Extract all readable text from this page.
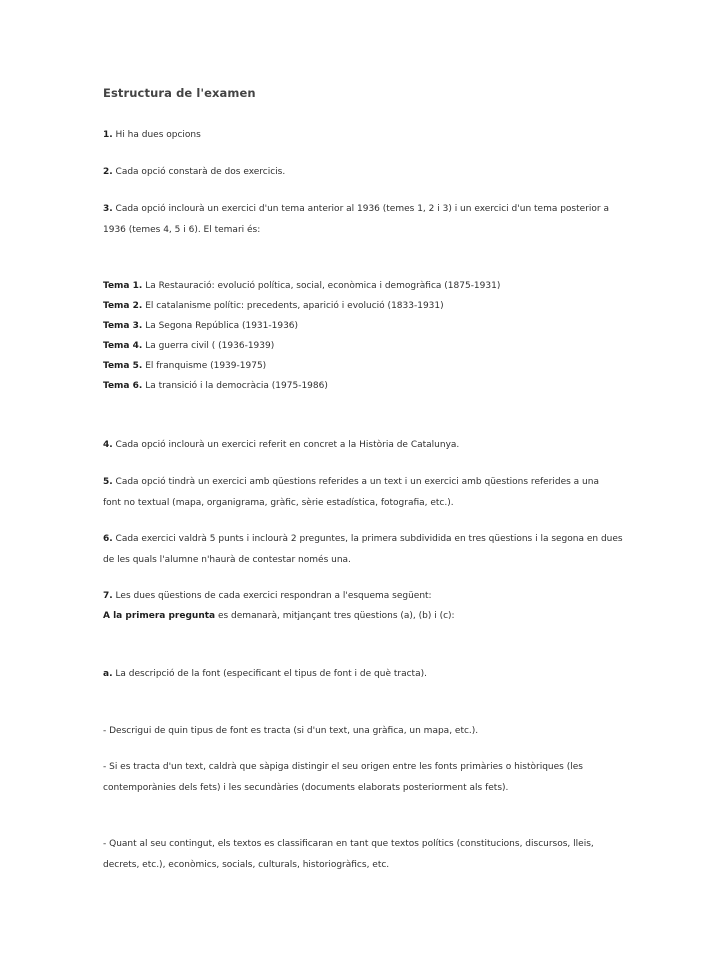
Estructura de l'examen
1. Hi ha dues opcions
2. Cada opció constarà de dos exercicis.
3. Cada opció inclourà un exercici d'un tema anterior al 1936 (temes 1, 2 i 3) i un exercici d'un tema posterior a 1936 (temes 4, 5 i 6). El temari és:
Tema 1. La Restauració: evolució política, social, econòmica i demogràfica (1875-1931)
Tema 2. El catalanisme polític: precedents, aparició i evolució (1833-1931)
Tema 3. La Segona República (1931-1936)
Tema 4. La guerra civil ( (1936-1939)
Tema 5. El franquisme (1939-1975)
Tema 6. La transició i la democràcia (1975-1986)
4. Cada opció inclourà un exercici referit en concret a la Història de Catalunya.
5. Cada opció tindrà un exercici amb qüestions referides a un text i un exercici amb qüestions referides a una font no textual (mapa, organigrama, gràfic, sèrie estadística, fotografia, etc.).
6. Cada exercici valdrà 5 punts i inclourà 2 preguntes, la primera subdividida en tres qüestions i la segona en dues de les quals l'alumne n'haurà de contestar només una.
7. Les dues qüestions de cada exercici respondran a l'esquema següent:
A la primera pregunta es demanarà, mitjançant tres qüestions (a), (b) i (c):
a. La descripció de la font (especificant el tipus de font i de què tracta).
- Descrigui de quin tipus de font es tracta (si d'un text, una gràfica, un mapa, etc.).
- Si es tracta d'un text, caldrà que sàpiga distingir el seu origen entre les fonts primàries o històriques (les contemporànies dels fets) i les secundàries (documents elaborats posteriorment als fets).
- Quant al seu contingut, els textos es classificaran en tant que textos polítics (constitucions, discursos, lleis, decrets, etc.), econòmics, socials, culturals, historiogràfics, etc.
